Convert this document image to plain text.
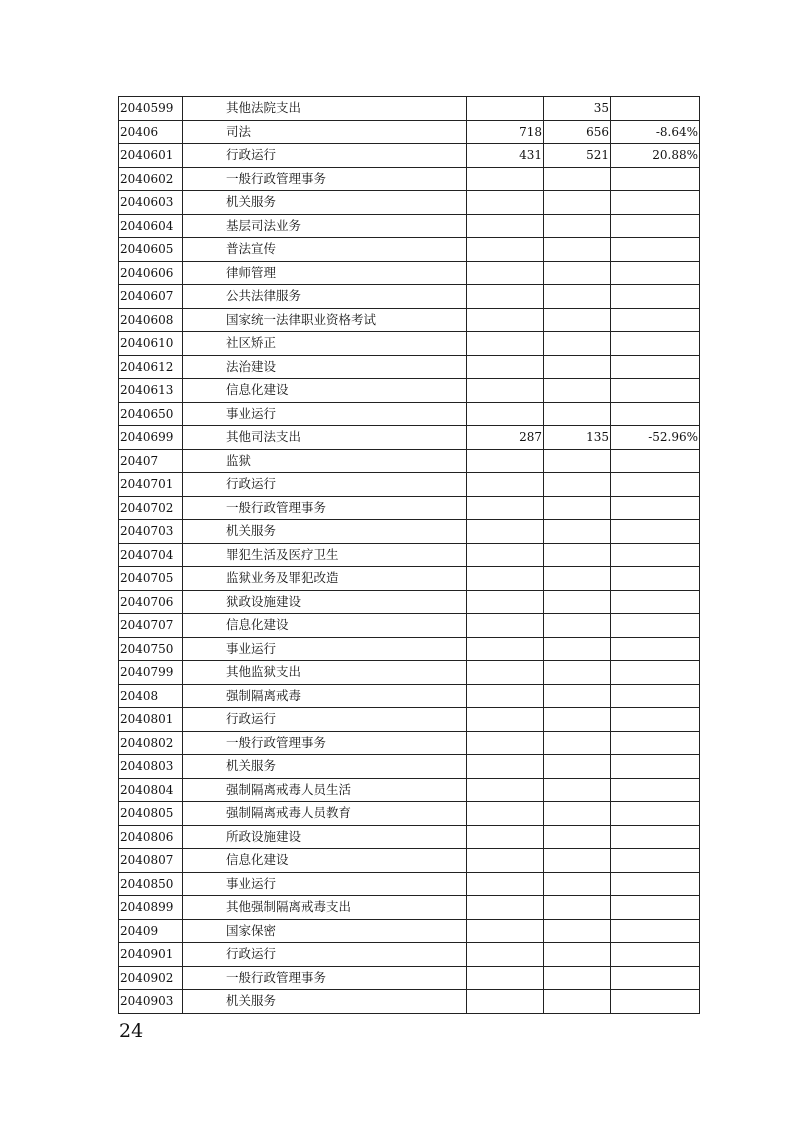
2040599	其他法院支出		35	
20406	司法	718	656	-8.64%
2040601	行政运行	431	521	20.88%
2040602	一般行政管理事务			
2040603	机关服务			
2040604	基层司法业务			
2040605	普法宣传			
2040606	律师管理			
2040607	公共法律服务			
2040608	国家统一法律职业资格考试			
2040610	社区矫正			
2040612	法治建设			
2040613	信息化建设			
2040650	事业运行			
2040699	其他司法支出	287	135	-52.96%
20407	监狱			
2040701	行政运行			
2040702	一般行政管理事务			
2040703	机关服务			
2040704	罪犯生活及医疗卫生			
2040705	监狱业务及罪犯改造			
2040706	狱政设施建设			
2040707	信息化建设			
2040750	事业运行			
2040799	其他监狱支出			
20408	强制隔离戒毒			
2040801	行政运行			
2040802	一般行政管理事务			
2040803	机关服务			
2040804	强制隔离戒毒人员生活			
2040805	强制隔离戒毒人员教育			
2040806	所政设施建设			
2040807	信息化建设			
2040850	事业运行			
2040899	其他强制隔离戒毒支出			
20409	国家保密			
2040901	行政运行			
2040902	一般行政管理事务			
2040903	机关服务			
24
